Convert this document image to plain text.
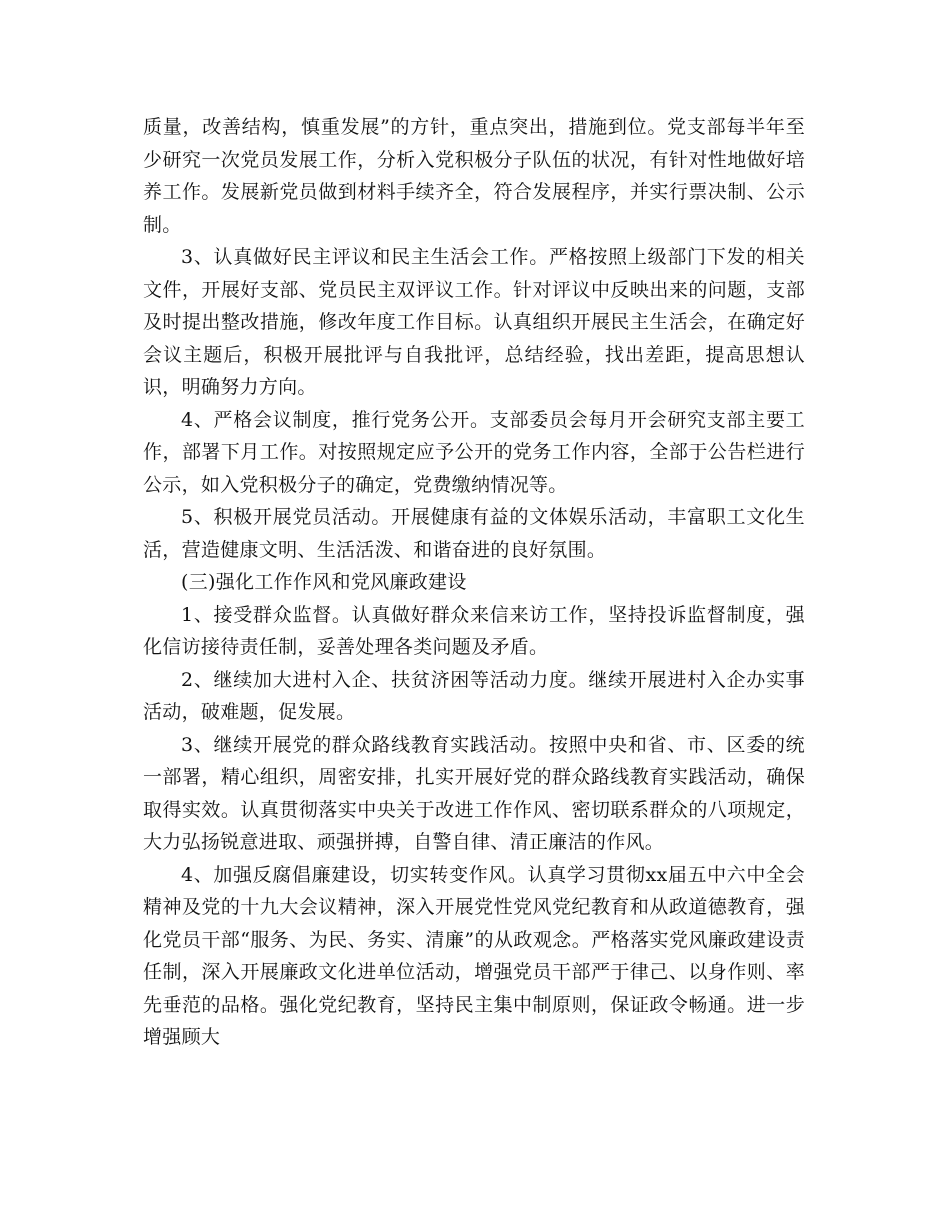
质量，改善结构，慎重发展”的方针，重点突出，措施到位。党支部每半年至少研究一次党员发展工作，分析入党积极分子队伍的状况，有针对性地做好培养工作。发展新党员做到材料手续齐全，符合发展程序，并实行票决制、公示制。

3、认真做好民主评议和民主生活会工作。严格按照上级部门下发的相关文件，开展好支部、党员民主双评议工作。针对评议中反映出来的问题，支部及时提出整改措施，修改年度工作目标。认真组织开展民主生活会，在确定好会议主题后，积极开展批评与自我批评，总结经验，找出差距，提高思想认识，明确努力方向。

4、严格会议制度，推行党务公开。支部委员会每月开会研究支部主要工作，部署下月工作。对按照规定应予公开的党务工作内容，全部于公告栏进行公示，如入党积极分子的确定，党费缴纳情况等。

5、积极开展党员活动。开展健康有益的文体娱乐活动，丰富职工文化生活，营造健康文明、生活活泼、和谐奋进的良好氛围。

(三)强化工作作风和党风廉政建设

1、接受群众监督。认真做好群众来信来访工作，坚持投诉监督制度，强化信访接待责任制，妥善处理各类问题及矛盾。

2、继续加大进村入企、扶贫济困等活动力度。继续开展进村入企办实事活动，破难题，促发展。

3、继续开展党的群众路线教育实践活动。按照中央和省、市、区委的统一部署，精心组织，周密安排，扎实开展好党的群众路线教育实践活动，确保取得实效。认真贯彻落实中央关于改进工作作风、密切联系群众的八项规定，大力弘扬锐意进取、顽强拼搏，自警自律、清正廉洁的作风。

4、加强反腐倡廉建设，切实转变作风。认真学习贯彻xx届五中六中全会精神及党的十九大会议精神，深入开展党性党风党纪教育和从政道德教育，强化党员干部“服务、为民、务实、清廉”的从政观念。严格落实党风廉政建设责任制，深入开展廉政文化进单位活动，增强党员干部严于律己、以身作则、率先垂范的品格。强化党纪教育，坚持民主集中制原则，保证政令畅通。进一步增强顾大
